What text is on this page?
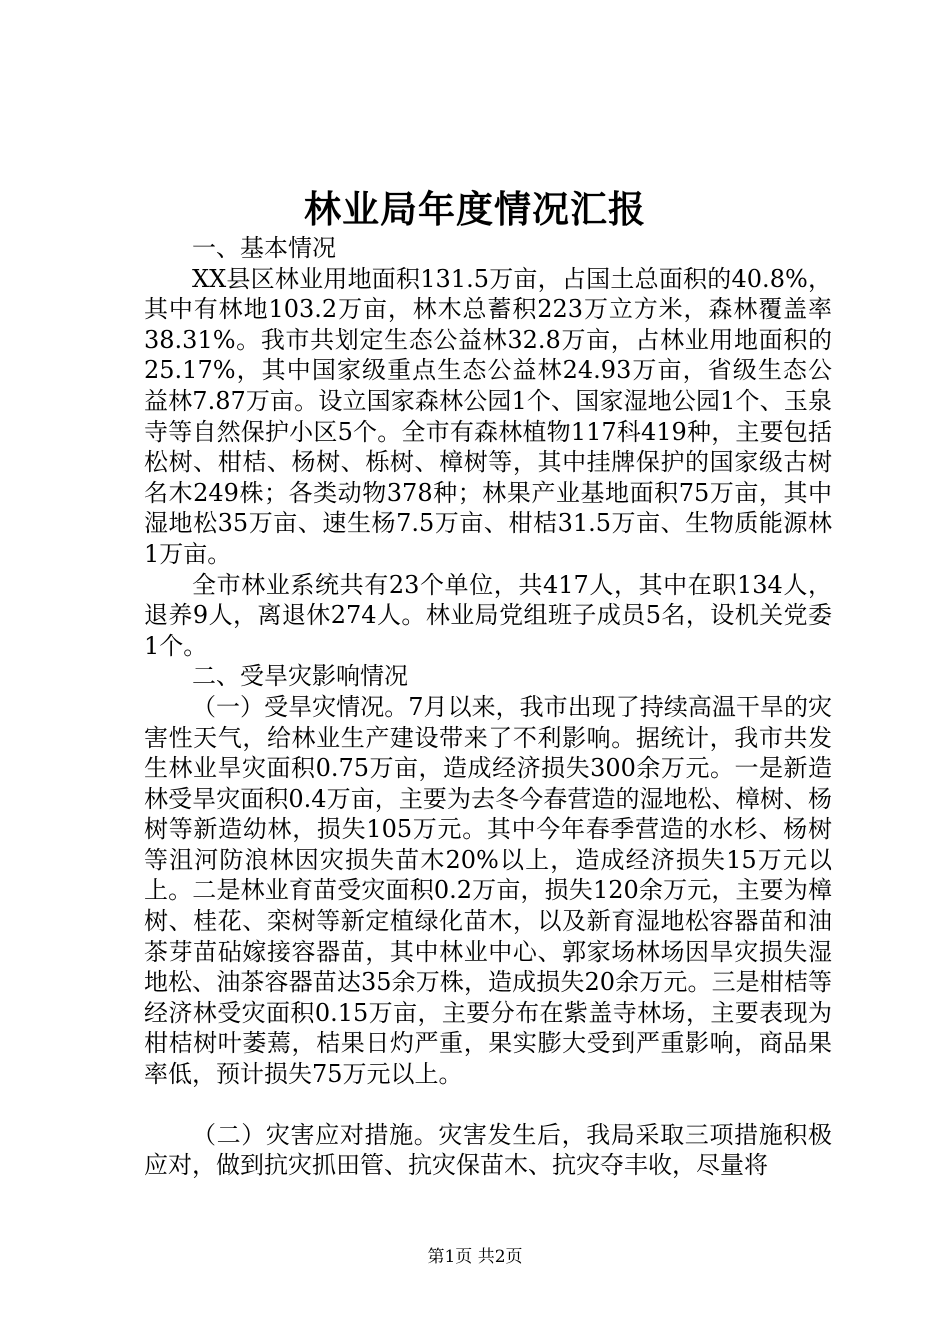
林业局年度情况汇报

一、基本情况

XX县区林业用地面积131.5万亩，占国土总面积的40.8%，其中有林地103.2万亩，林木总蓄积223万立方米，森林覆盖率38.31%。我市共划定生态公益林32.8万亩，占林业用地面积的25.17%，其中国家级重点生态公益林24.93万亩，省级生态公益林7.87万亩。设立国家森林公园1个、国家湿地公园1个、玉泉寺等自然保护小区5个。全市有森林植物117科419种，主要包括松树、柑桔、杨树、栎树、樟树等，其中挂牌保护的国家级古树名木249株；各类动物378种；林果产业基地面积75万亩，其中湿地松35万亩、速生杨7.5万亩、柑桔31.5万亩、生物质能源林1万亩。

全市林业系统共有23个单位，共417人，其中在职134人，退养9人，离退休274人。林业局党组班子成员5名，设机关党委1个。

二、受旱灾影响情况

（一）受旱灾情况。7月以来，我市出现了持续高温干旱的灾害性天气，给林业生产建设带来了不利影响。据统计，我市共发生林业旱灾面积0.75万亩，造成经济损失300余万元。一是新造林受旱灾面积0.4万亩，主要为去冬今春营造的湿地松、樟树、杨树等新造幼林，损失105万元。其中今年春季营造的水杉、杨树等沮河防浪林因灾损失苗木20%以上，造成经济损失15万元以上。二是林业育苗受灾面积0.2万亩，损失120余万元，主要为樟树、桂花、栾树等新定植绿化苗木，以及新育湿地松容器苗和油茶芽苗砧嫁接容器苗，其中林业中心、郭家场林场因旱灾损失湿地松、油茶容器苗达35余万株，造成损失20余万元。三是柑桔等经济林受灾面积0.15万亩，主要分布在紫盖寺林场，主要表现为柑桔树叶萎蔫，桔果日灼严重，果实膨大受到严重影响，商品果率低，预计损失75万元以上。

（二）灾害应对措施。灾害发生后，我局采取三项措施积极应对，做到抗灾抓田管、抗灾保苗木、抗灾夺丰收，尽量将

第1页 共2页
